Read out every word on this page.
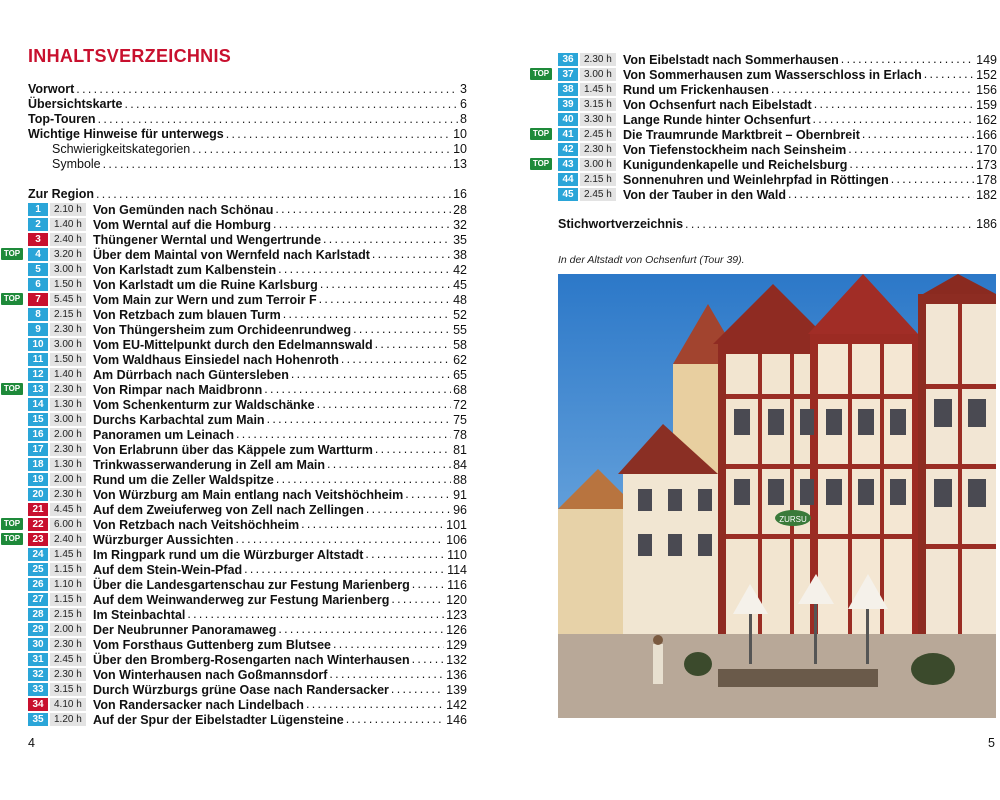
INHALTSVERZEICHNIS
Vorwort .....	3
Übersichtskarte .....	6
Top-Touren .....	8
Wichtige Hinweise für unterwegs .....	10
Schwierigkeitskategorien .....	10
Symbole .....	13
Zur Region .....	16
1	2.10 h Von Gemünden nach Schönau .....	28
2	1.40 h Vom Werntal auf die Homburg .....	32
3	2.40 h Thüngener Werntal und Wengertrunde .....	35
TOP	4	3.20 h Über dem Maintal von Wernfeld nach Karlstadt .....	38
5	3.00 h Von Karlstadt zum Kalbenstein .....	42
6	1.50 h Von Karlstadt um die Ruine Karlsburg .....	45
TOP	7	5.45 h Vom Main zur Wern und zum Terroir F .....	48
8	2.15 h Von Retzbach zum blauen Turm .....	52
9	2.30 h Von Thüngersheim zum Orchideenrundweg .....	55
10	3.00 h Vom EU-Mittelpunkt durch den Edelmannswald .....	58
11	1.50 h Vom Waldhaus Einsiedel nach Hohenroth .....	62
12	1.40 h Am Dürrbach nach Güntersleben .....	65
TOP	13	2.30 h Von Rimpar nach Maidbronn .....	68
14	1.30 h Vom Schenkenturm zur Waldschänke .....	72
15	3.00 h Durchs Karbachtal zum Main .....	75
16	2.00 h Panoramen um Leinach .....	78
17	2.30 h Von Erlabrunn über das Käppele zum Wartturm .....	81
18	1.30 h Trinkwasserwanderung in Zell am Main .....	84
19	2.00 h Rund um die Zeller Waldspitze .....	88
20	2.30 h Von Würzburg am Main entlang nach Veitshöchheim .....	91
21	4.45 h Auf dem Zweiuferweg von Zell nach Zellingen .....	96
TOP	22	6.00 h Von Retzbach nach Veitshöchheim .....	101
TOP	23	2.40 h Würzburger Aussichten .....	106
24	1.45 h Im Ringpark rund um die Würzburger Altstadt .....	110
25	1.15 h Auf dem Stein-Wein-Pfad .....	114
26	1.10 h Über die Landesgartenschau zur Festung Marienberg .....	116
27	1.15 h Auf dem Weinwanderweg zur Festung Marienberg .....	120
28	2.15 h Im Steinbachtal .....	123
29	2.00 h Der Neubrunner Panoramaweg .....	126
30	2.30 h Vom Forsthaus Guttenberg zum Blutsee .....	129
31	2.45 h Über den Bromberg-Rosengarten nach Winterhausen .....	132
32	2.30 h Von Winterhausen nach Goßmannsdorf .....	136
33	3.15 h Durch Würzburgs grüne Oase nach Randersacker .....	139
34	4.10 h Von Randersacker nach Lindelbach .....	142
35	1.20 h Auf der Spur der Eibelstadter Lügensteine .....	146
4
36	2.30 h Von Eibelstadt nach Sommerhausen .....	149
TOP	37	3.00 h Von Sommerhausen zum Wasserschloss in Erlach .....	152
38	1.45 h Rund um Frickenhausen .....	156
39	3.15 h Von Ochsenfurt nach Eibelstadt .....	159
40	3.30 h Lange Runde hinter Ochsenfurt .....	162
TOP	41	2.45 h Die Traumrunde Marktbreit – Obernbreit .....	166
42	2.30 h Von Tiefenstockheim nach Seinsheim .....	170
TOP	43	3.00 h Kunigundenkapelle und Reichelsburg .....	173
44	2.15 h Sonnenuhren und Weinlehrpfad in Röttingen .....	178
45	2.45 h Von der Tauber in den Wald .....	182
Stichwortverzeichnis .....	186
In der Altstadt von Ochsenfurt (Tour 39).
ZURSU
5
